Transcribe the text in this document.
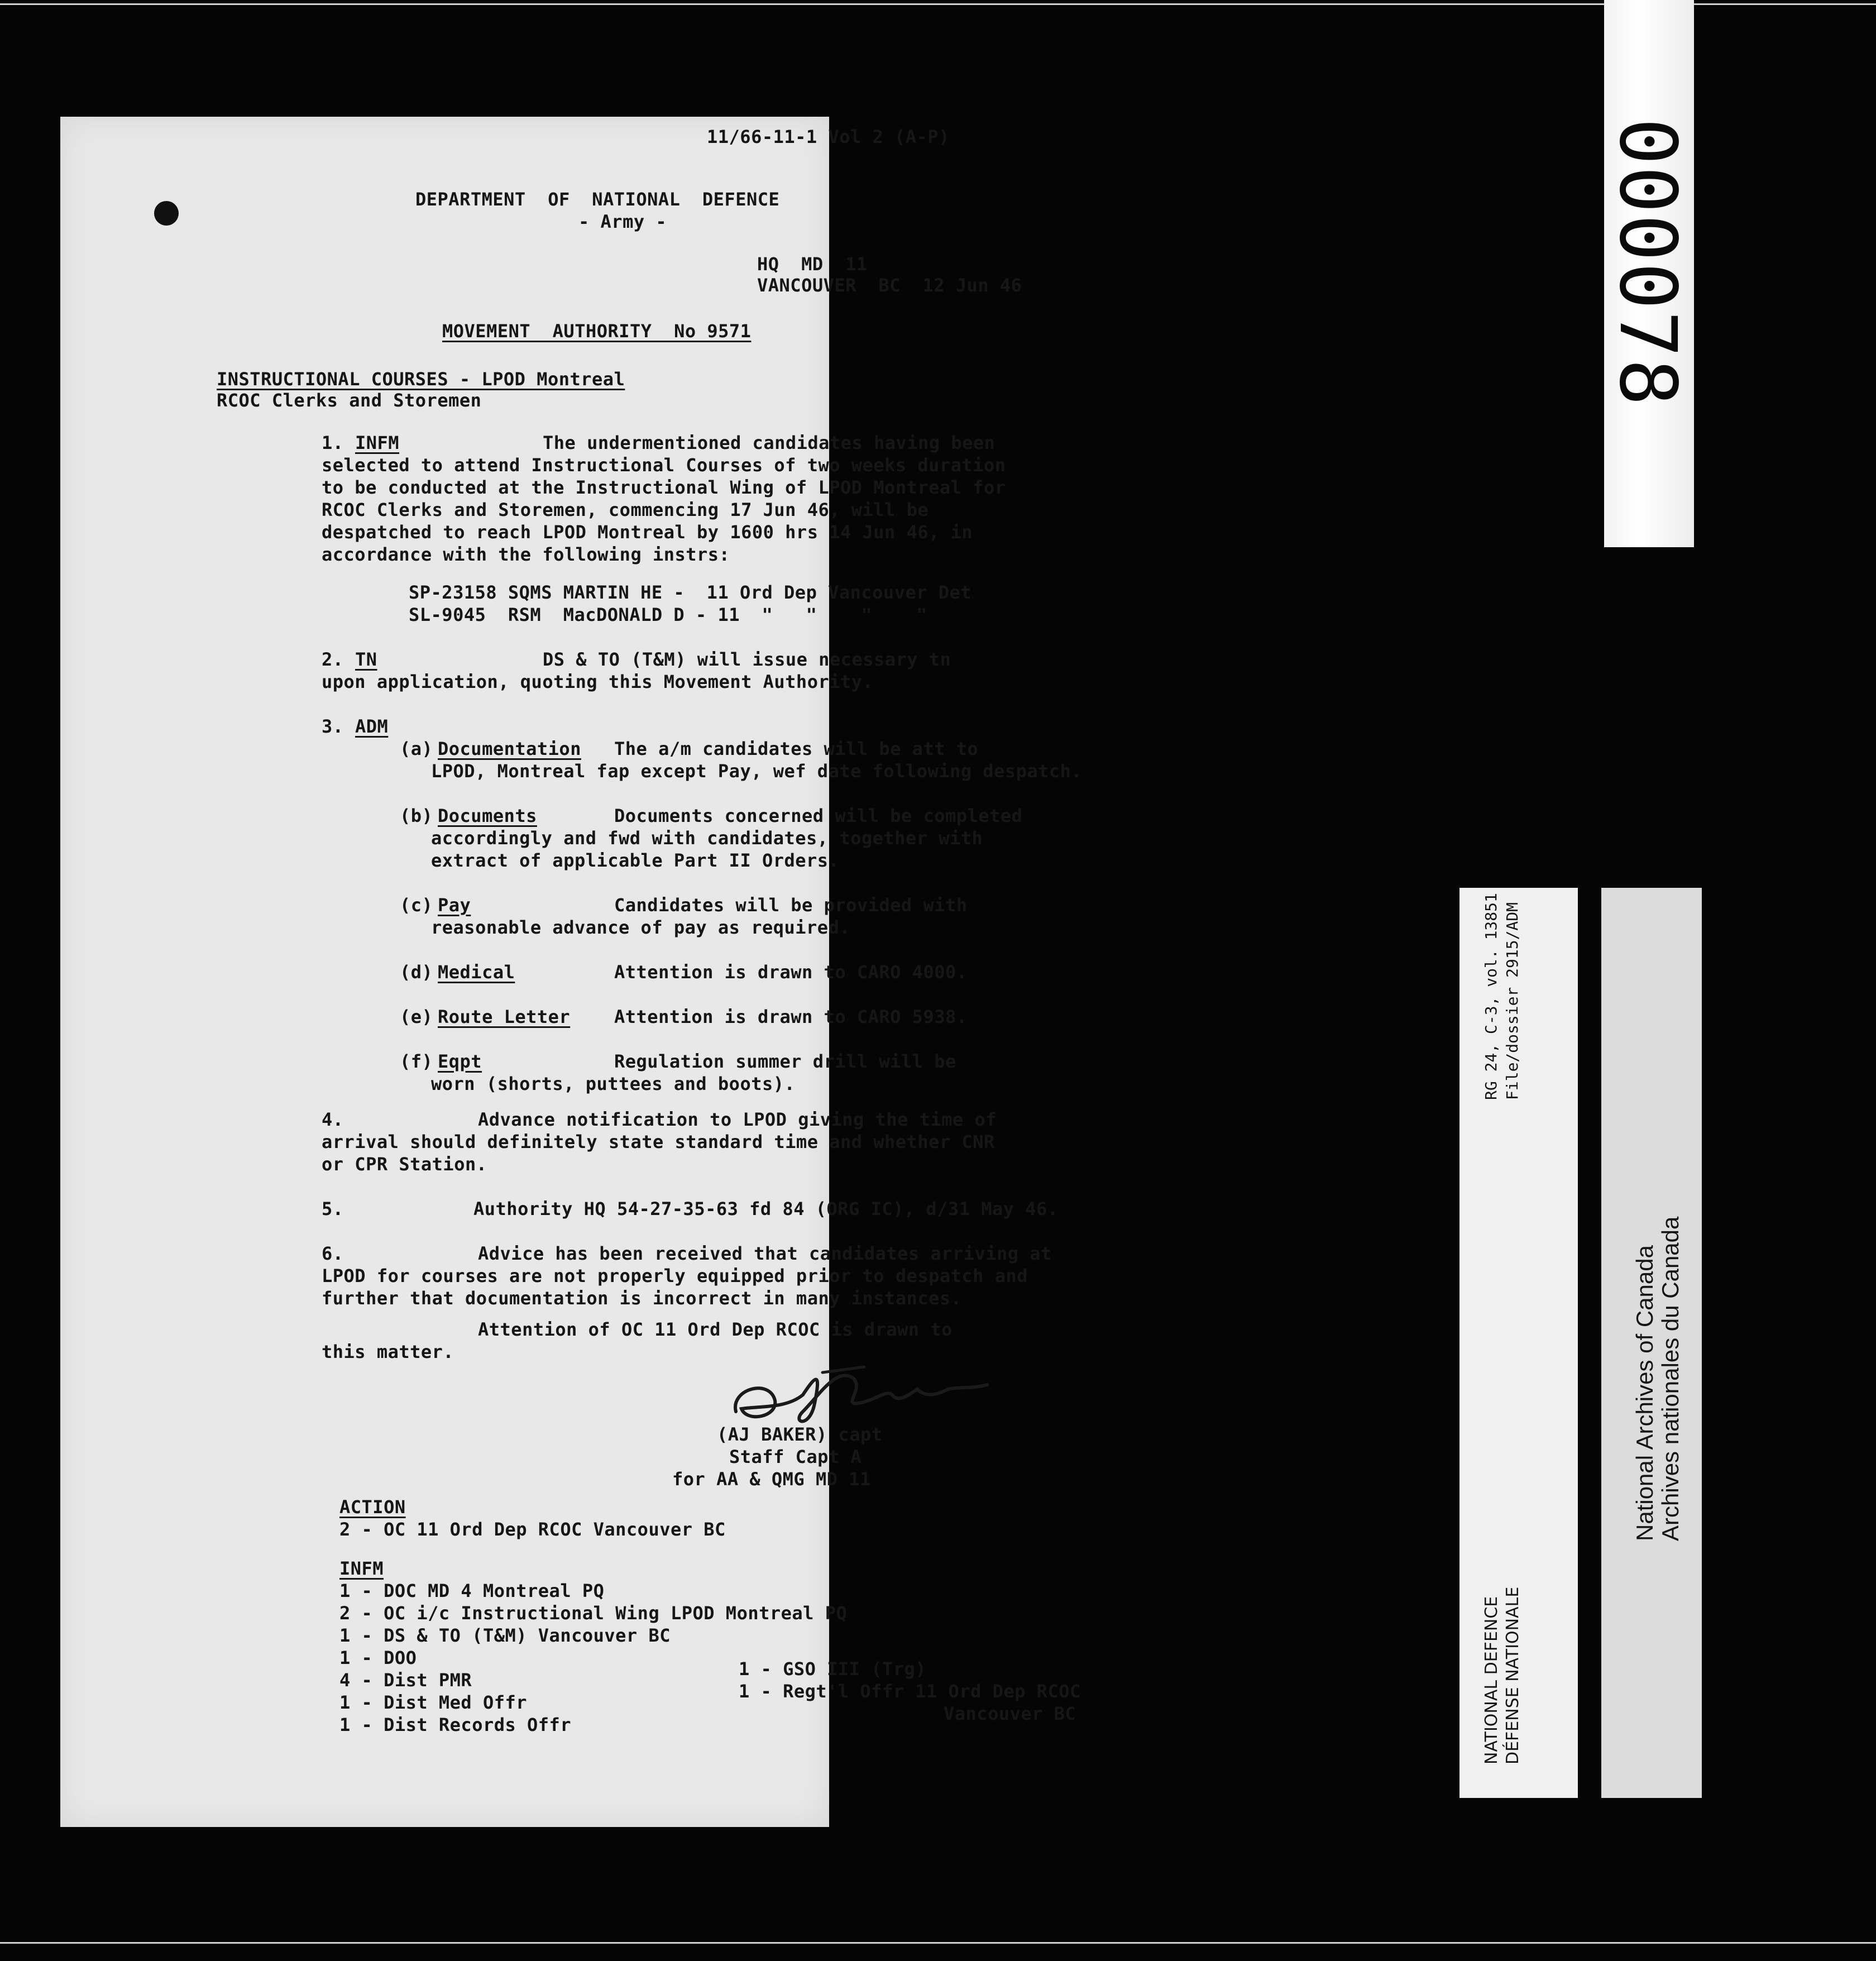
11/66-11-1 Vol 2 (A-P)
DEPARTMENT  OF  NATIONAL  DEFENCE
- Army -
HQ  MD  11
VANCOUVER  BC  12 Jun 46
MOVEMENT  AUTHORITY  No 9571
INSTRUCTIONAL COURSES - LPOD Montreal
RCOC Clerks and Storemen
1. INFM	The undermentioned candidates having been
selected to attend Instructional Courses of two weeks duration
to be conducted at the Instructional Wing of LPOD Montreal for
RCOC Clerks and Storemen, commencing 17 Jun 46, will be
despatched to reach LPOD Montreal by 1600 hrs 14 Jun 46, in
accordance with the following instrs:
SP-23158 SQMS MARTIN HE -  11 Ord Dep Vancouver Det
SL-9045  RSM  MacDONALD D - 11  "   "    "    "
2. TN	DS & TO (T&M) will issue necessary tn
upon application, quoting this Movement Authority.
3. ADM
(a)
Documentation The a/m candidates will be att to
LPOD, Montreal fap except Pay, wef date following despatch.
(b)
Documents	Documents concerned will be completed
accordingly and fwd with candidates, together with
extract of applicable Part II Orders.
(c)
Pay	Candidates will be provided with
reasonable advance of pay as required.
(d)
Medical	Attention is drawn to CARO 4000.
(e)
Route Letter Attention is drawn to CARO 5938.
(f)
Eqpt	Regulation summer drill will be
worn (shorts, puttees and boots).
4.	Advance notification to LPOD giving the time of
arrival should definitely state standard time and whether CNR
or CPR Station.
5.	Authority HQ 54-27-35-63 fd 84 (ORG IC), d/31 May 46.
6.	Advice has been received that candidates arriving at
LPOD for courses are not properly equipped prior to despatch and
further that documentation is incorrect in many instances.
Attention of OC 11 Ord Dep RCOC is drawn to
this matter.
(AJ BAKER) capt
Staff Capt A
for AA & QMG MD 11
ACTION
2 - OC 11 Ord Dep RCOC Vancouver BC
INFM
1 - DOC MD 4 Montreal PQ
2 - OC i/c Instructional Wing LPOD Montreal PQ
1 - DS & TO (T&M) Vancouver BC
1 - DOO
4 - Dist PMR
1 - Dist Med Offr
1 - Dist Records Offr
1 - GSO III (Trg)
1 - Regt'l Offr 11 Ord Dep RCOC
Vancouver BC
000078
RG 24, C-3, vol. 13851 File/dossier 2915/ADM
NATIONAL DEFENCE DÉFENSE NATIONALE
National Archives of Canada Archives nationales du Canada
